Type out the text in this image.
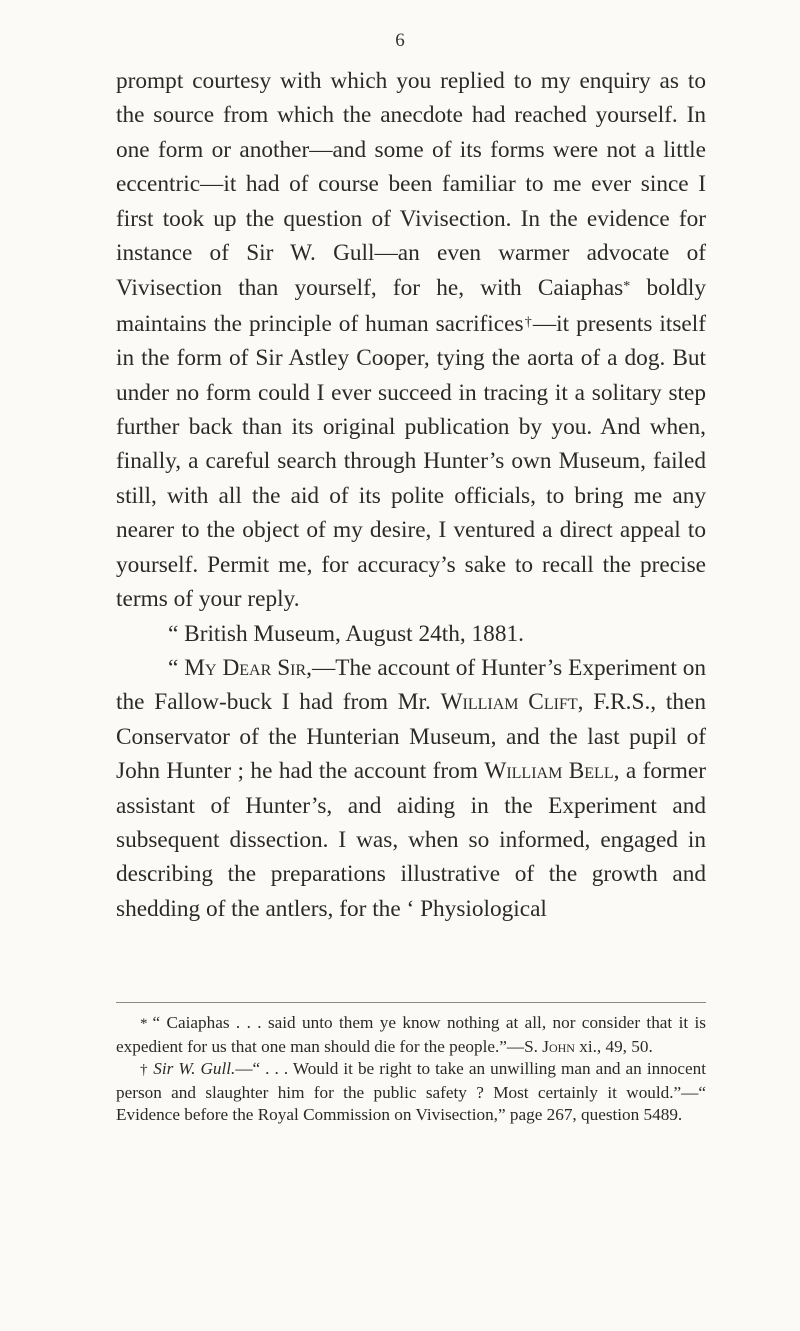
6

prompt courtesy with which you replied to my enquiry as to the source from which the anecdote had reached yourself. In one form or another—and some of its forms were not a little eccentric—it had of course been familiar to me ever since I first took up the question of Vivisection. In the evidence for instance of Sir W. Gull—an even warmer advocate of Vivisection than yourself, for he, with Caiaphas* boldly maintains the principle of human sacrifices†—it presents itself in the form of Sir Astley Cooper, tying the aorta of a dog. But under no form could I ever succeed in tracing it a solitary step further back than its original publication by you. And when, finally, a careful search through Hunter’s own Museum, failed still, with all the aid of its polite officials, to bring me any nearer to the object of my desire, I ventured a direct appeal to yourself. Permit me, for accuracy’s sake to recall the precise terms of your reply.

“ British Museum, August 24th, 1881.

“ My Dear Sir,—The account of Hunter’s Experiment on the Fallow-buck I had from Mr. William Clift, F.R.S., then Conservator of the Hunterian Museum, and the last pupil of John Hunter ; he had the account from William Bell, a former assistant of Hunter’s, and aiding in the Experiment and subsequent dissection. I was, when so informed, engaged in describing the preparations illustrative of the growth and shedding of the antlers, for the ‘ Physiological

* “ Caiaphas . . . said unto them ye know nothing at all, nor consider that it is expedient for us that one man should die for the people.”—S. John xi., 49, 50.

† Sir W. Gull.—“ . . . Would it be right to take an unwilling man and an innocent person and slaughter him for the public safety ? Most certainly it would.”—“ Evidence before the Royal Commission on Vivisection,” page 267, question 5489.
